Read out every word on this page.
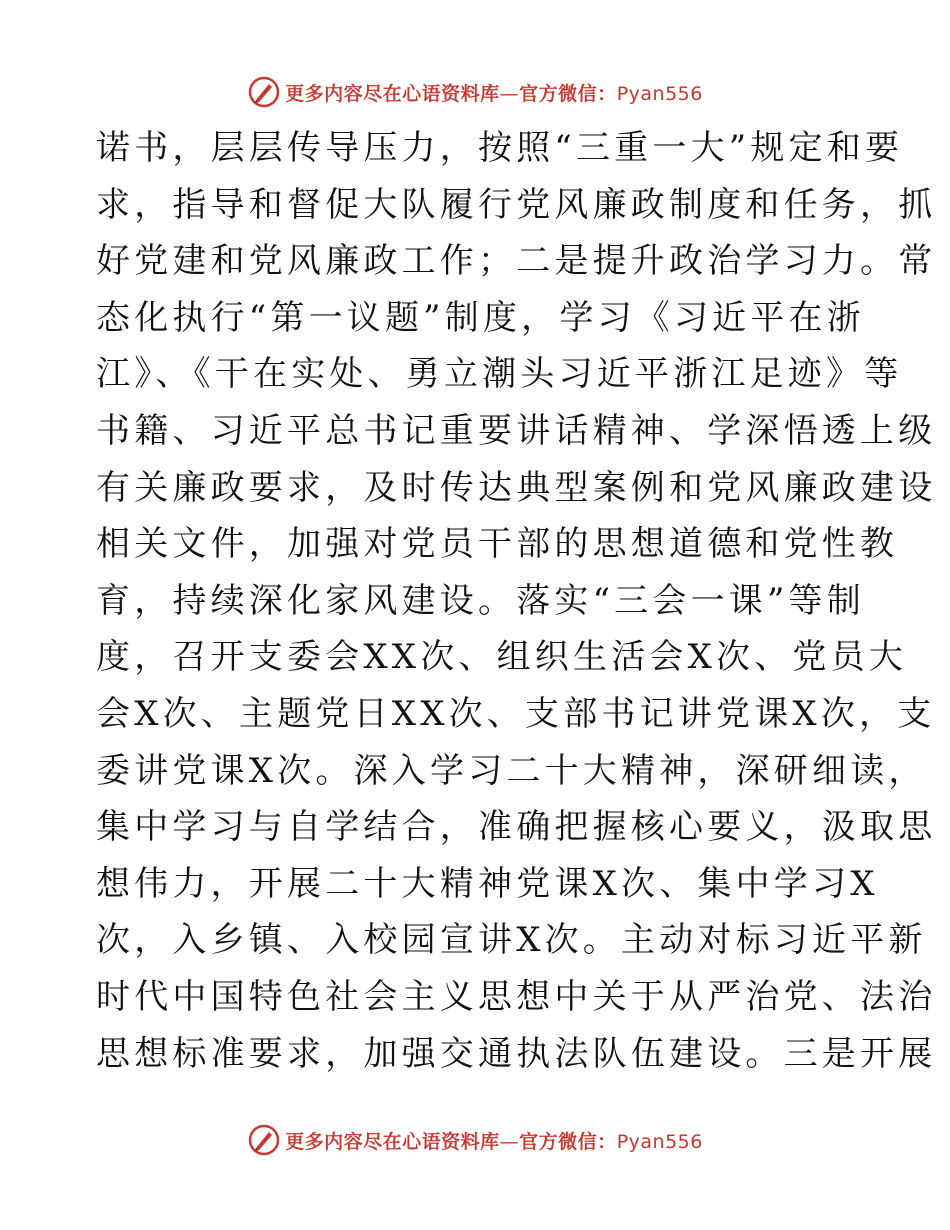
更多内容尽在心语资料库—官方微信：Pyan556
诺书，层层传导压力，按照“三重一大”规定和要
求，指导和督促大队履行党风廉政制度和任务，抓
好党建和党风廉政工作；二是提升政治学习力。常
态化执行“第一议题”制度，学习《习近平在浙
江》、《干在实处、勇立潮头习近平浙江足迹》等
书籍、习近平总书记重要讲话精神、学深悟透上级
有关廉政要求，及时传达典型案例和党风廉政建设
相关文件，加强对党员干部的思想道德和党性教
育，持续深化家风建设。落实“三会一课”等制
度，召开支委会XX次、组织生活会X次、党员大
会X次、主题党日XX次、支部书记讲党课X次，支
委讲党课X次。深入学习二十大精神，深研细读，
集中学习与自学结合，准确把握核心要义，汲取思
想伟力，开展二十大精神党课X次、集中学习X
次，入乡镇、入校园宣讲X次。主动对标习近平新
时代中国特色社会主义思想中关于从严治党、法治
思想标准要求，加强交通执法队伍建设。三是开展
更多内容尽在心语资料库—官方微信：Pyan556
